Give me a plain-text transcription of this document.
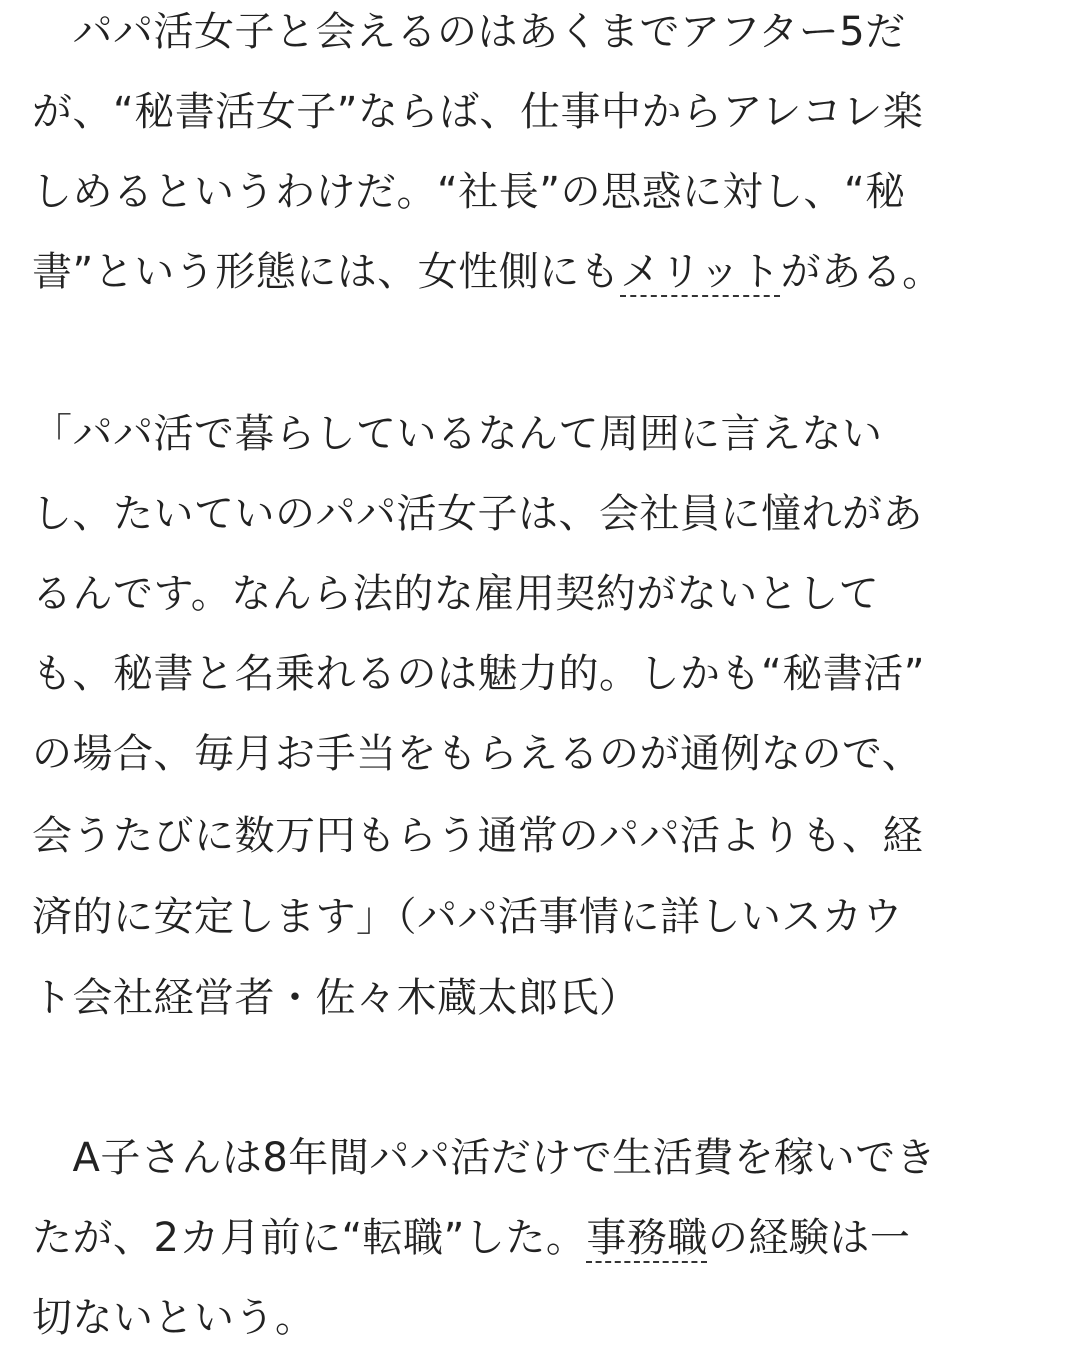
　パパ活女子と会えるのはあくまでアフター5だ
が、“秘書活女子”ならば、仕事中からアレコレ楽
しめるというわけだ。“社長”の思惑に対し、“秘
書”という形態には、女性側にもメリットがある。
「パパ活で暮らしているなんて周囲に言えない
し、たいていのパパ活女子は、会社員に憧れがあ
るんです。なんら法的な雇用契約がないとして
も、秘書と名乗れるのは魅力的。しかも“秘書活”
の場合、毎月お手当をもらえるのが通例なので、
会うたびに数万円もらう通常のパパ活よりも、経
済的に安定します」（パパ活事情に詳しいスカウ
ト会社経営者・佐々木蔵太郎氏）
　A子さんは8年間パパ活だけで生活費を稼いでき
たが、2カ月前に“転職”した。事務職の経験は一
切ないという。
